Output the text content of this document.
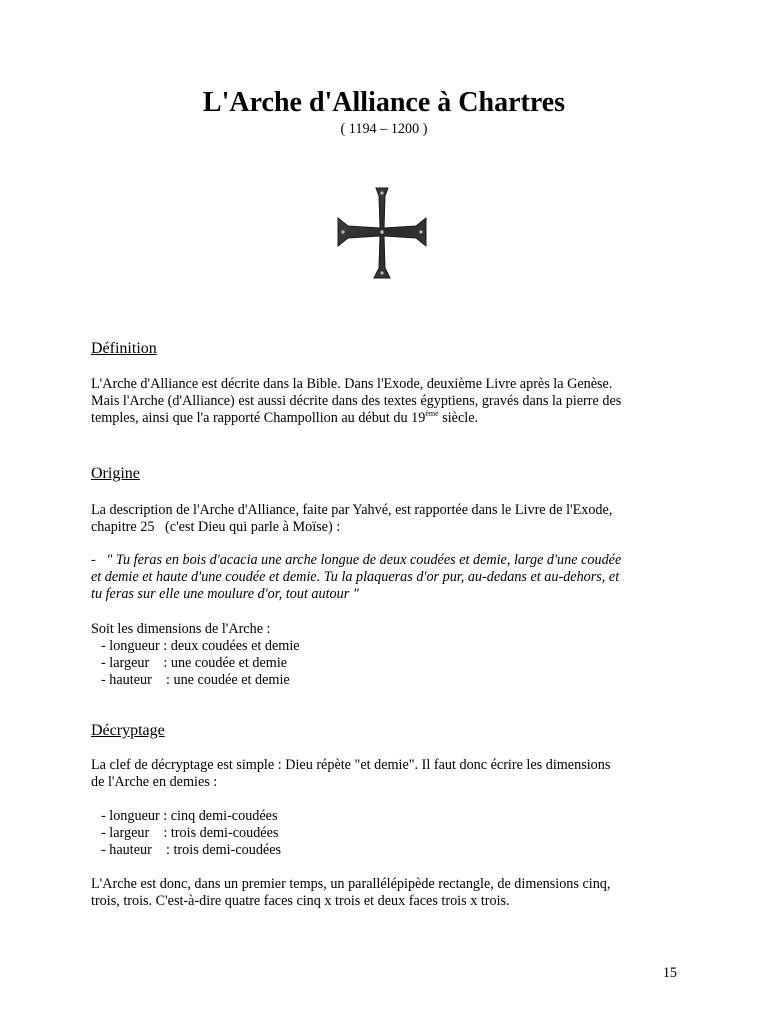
L'Arche d'Alliance à Chartres
( 1194 – 1200 )
Définition

L'Arche d'Alliance est décrite dans la Bible. Dans l'Exode, deuxième Livre après la Genèse.

Mais l'Arche (d'Alliance) est aussi décrite dans des textes égyptiens, gravés dans la pierre des

temples, ainsi que l'a rapporté Champollion au début du 19ème siècle.

Origine

La description de l'Arche d'Alliance, faite par Yahvé, est rapportée dans le Livre de l'Exode,

chapitre 25   (c'est Dieu qui parle à Moïse) :

-   " Tu feras en bois d'acacia une arche longue de deux coudées et demie, large d'une coudée

et demie et haute d'une coudée et demie. Tu la plaqueras d'or pur, au-dedans et au-dehors, et

tu feras sur elle une moulure d'or, tout autour "

Soit les dimensions de l'Arche :

- longueur : deux coudées et demie

- largeur    : une coudée et demie

- hauteur    : une coudée et demie

Décryptage

La clef de décryptage est simple : Dieu répète "et demie". Il faut donc écrire les dimensions

de l'Arche en demies :

- longueur : cinq demi-coudées

- largeur    : trois demi-coudées

- hauteur    : trois demi-coudées

L'Arche est donc, dans un premier temps, un parallélépipède rectangle, de dimensions cinq,

trois, trois. C'est-à-dire quatre faces cinq x trois et deux faces trois x trois.

15
